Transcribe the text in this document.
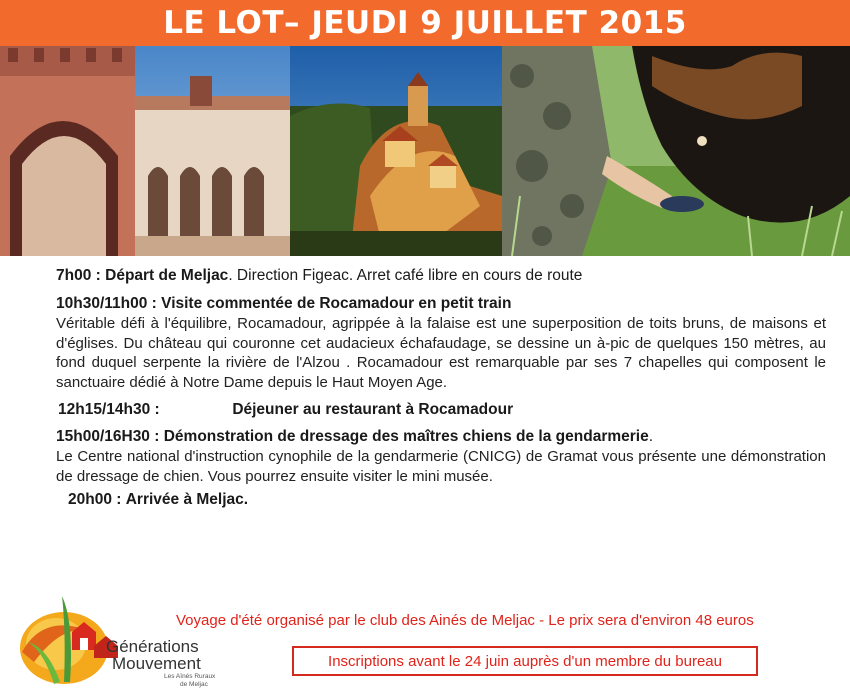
LE LOT– JEUDI 9 JUILLET 2015
7h00 : Départ de Meljac. Direction Figeac. Arret café libre en cours de route
10h30/11h00 : Visite commentée de Rocamadour en petit train

Véritable défi à l'équilibre, Rocamadour, agrippée à la falaise est une superposition de toits bruns, de maisons et d'églises. Du château qui couronne cet audacieux échafaudage, se dessine un à-pic de quelques 150 mètres, au fond duquel serpente la rivière de l'Alzou . Rocamadour est remarquable par ses 7 chapelles qui composent le sanctuaire dédié à Notre Dame depuis le Haut Moyen Age.

12h15/14h30 :	Déjeuner au restaurant à Rocamadour
15h00/16H30 : Démonstration de dressage des maîtres chiens de la gendarmerie.

Le Centre national d'instruction cynophile de la gendarmerie (CNICG) de Gramat vous présente une démonstration de dressage de chien. Vous pourrez ensuite visiter le mini musée.

20h00 : Arrivée à Meljac.
Générations
Mouvement
Les Aînés Ruraux
de Meljac
Voyage d'été organisé par le club des Ainés de Meljac - Le prix sera d'environ 48 euros
Inscriptions avant le 24 juin auprès d'un membre du bureau
